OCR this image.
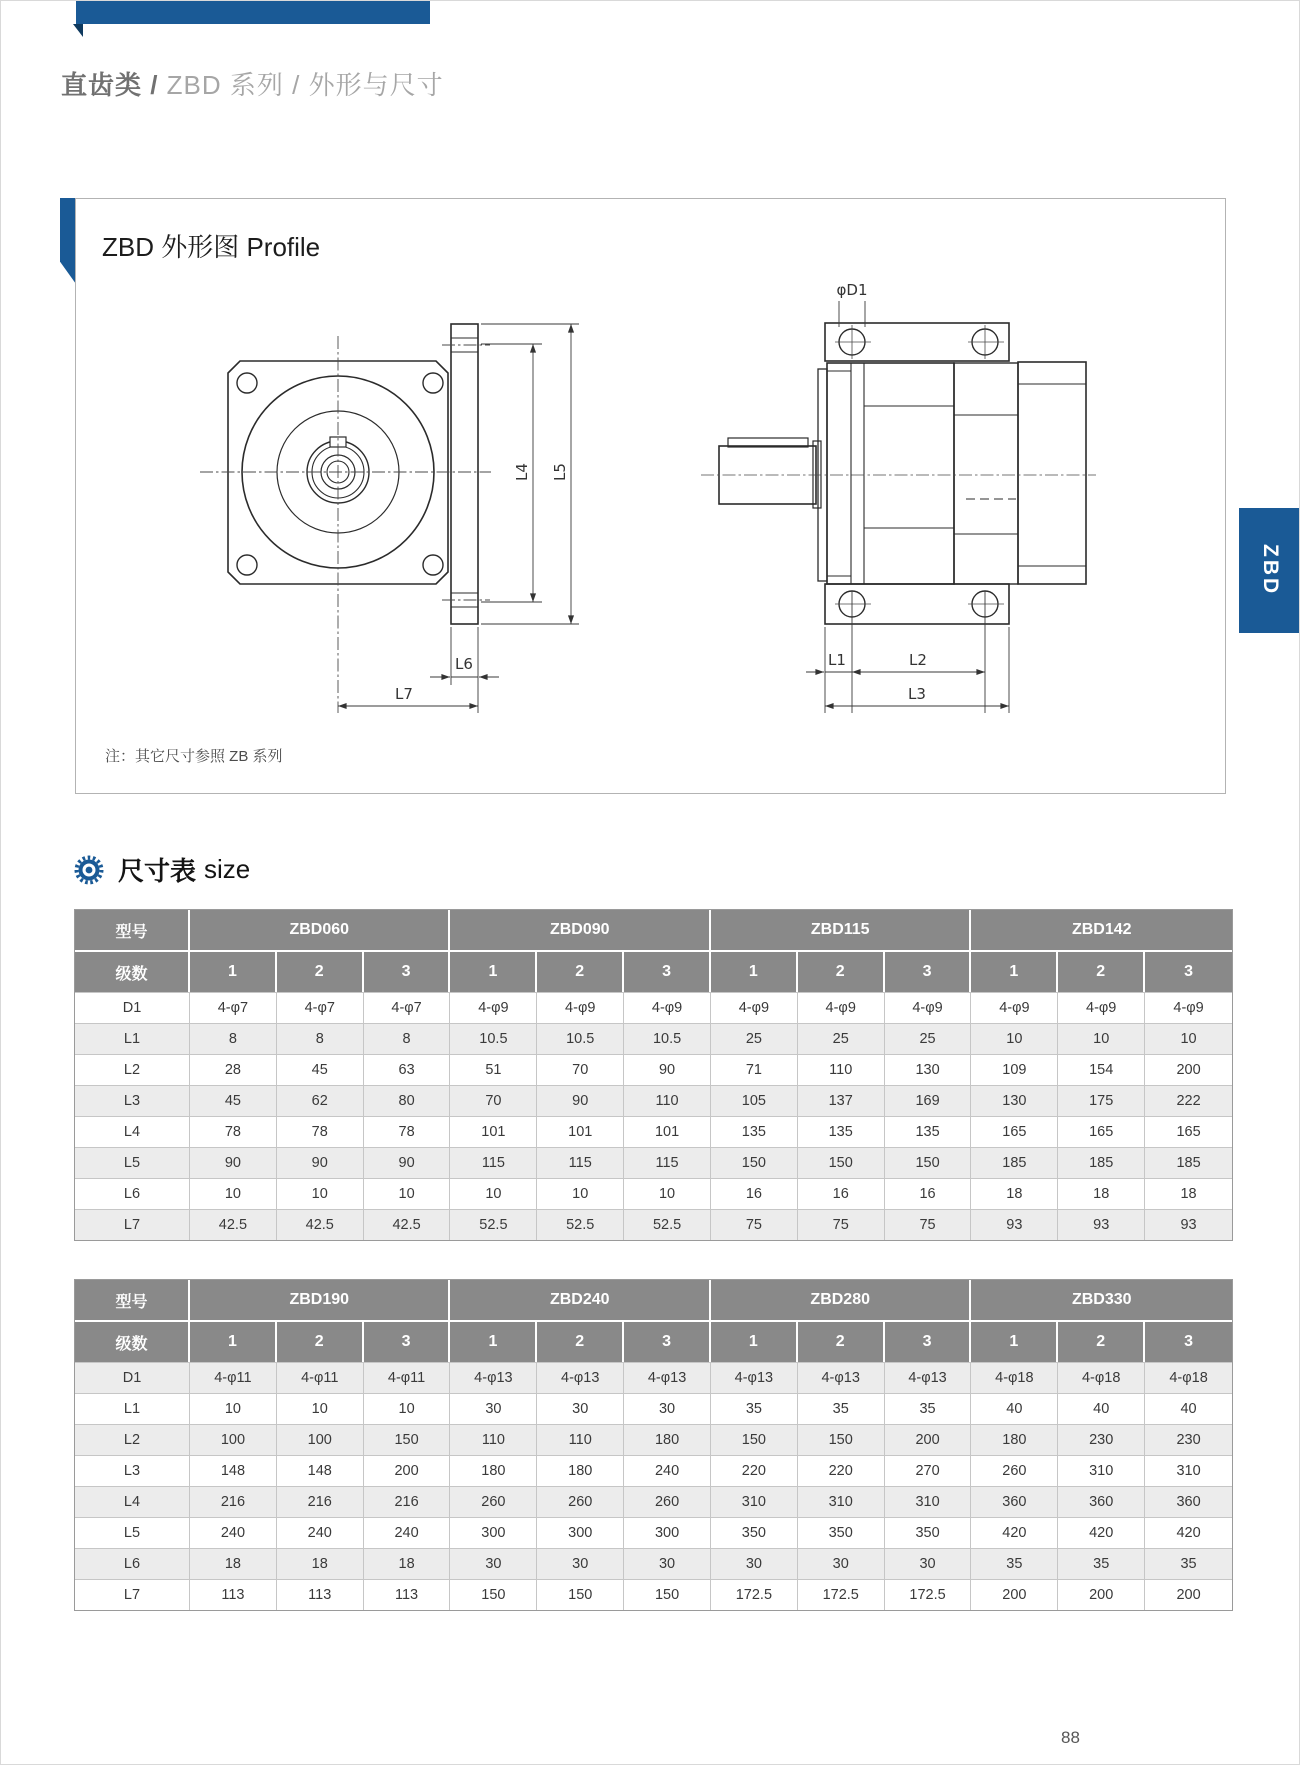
直齿类 / ZBD 系列 / 外形与尺寸
ZBD 外形图 Profile
L4 L5
L6
L7
φD1
L1	L2
L3
注：其它尺寸参照 ZB 系列
ZBD
尺寸表 size
型号	ZBD060			ZBD090			ZBD115			ZBD142		
级数	1	2	3	1	2	3	1	2	3	1	2	3
D1	4-φ7	4-φ7	4-φ7	4-φ9	4-φ9	4-φ9	4-φ9	4-φ9	4-φ9	4-φ9	4-φ9	4-φ9
L1	8	8	8	10.5	10.5	10.5	25	25	25	10	10	10
L2	28	45	63	51	70	90	71	110	130	109	154	200
L3	45	62	80	70	90	110	105	137	169	130	175	222
L4	78	78	78	101	101	101	135	135	135	165	165	165
L5	90	90	90	115	115	115	150	150	150	185	185	185
L6	10	10	10	10	10	10	16	16	16	18	18	18
L7	42.5	42.5	42.5	52.5	52.5	52.5	75	75	75	93	93	93
型号	ZBD190			ZBD240			ZBD280			ZBD330		
级数	1	2	3	1	2	3	1	2	3	1	2	3
D1	4-φ11	4-φ11	4-φ11	4-φ13	4-φ13	4-φ13	4-φ13	4-φ13	4-φ13	4-φ18	4-φ18	4-φ18
L1	10	10	10	30	30	30	35	35	35	40	40	40
L2	100	100	150	110	110	180	150	150	200	180	230	230
L3	148	148	200	180	180	240	220	220	270	260	310	310
L4	216	216	216	260	260	260	310	310	310	360	360	360
L5	240	240	240	300	300	300	350	350	350	420	420	420
L6	18	18	18	30	30	30	30	30	30	35	35	35
L7	113	113	113	150	150	150	172.5	172.5	172.5	200	200	200
88
